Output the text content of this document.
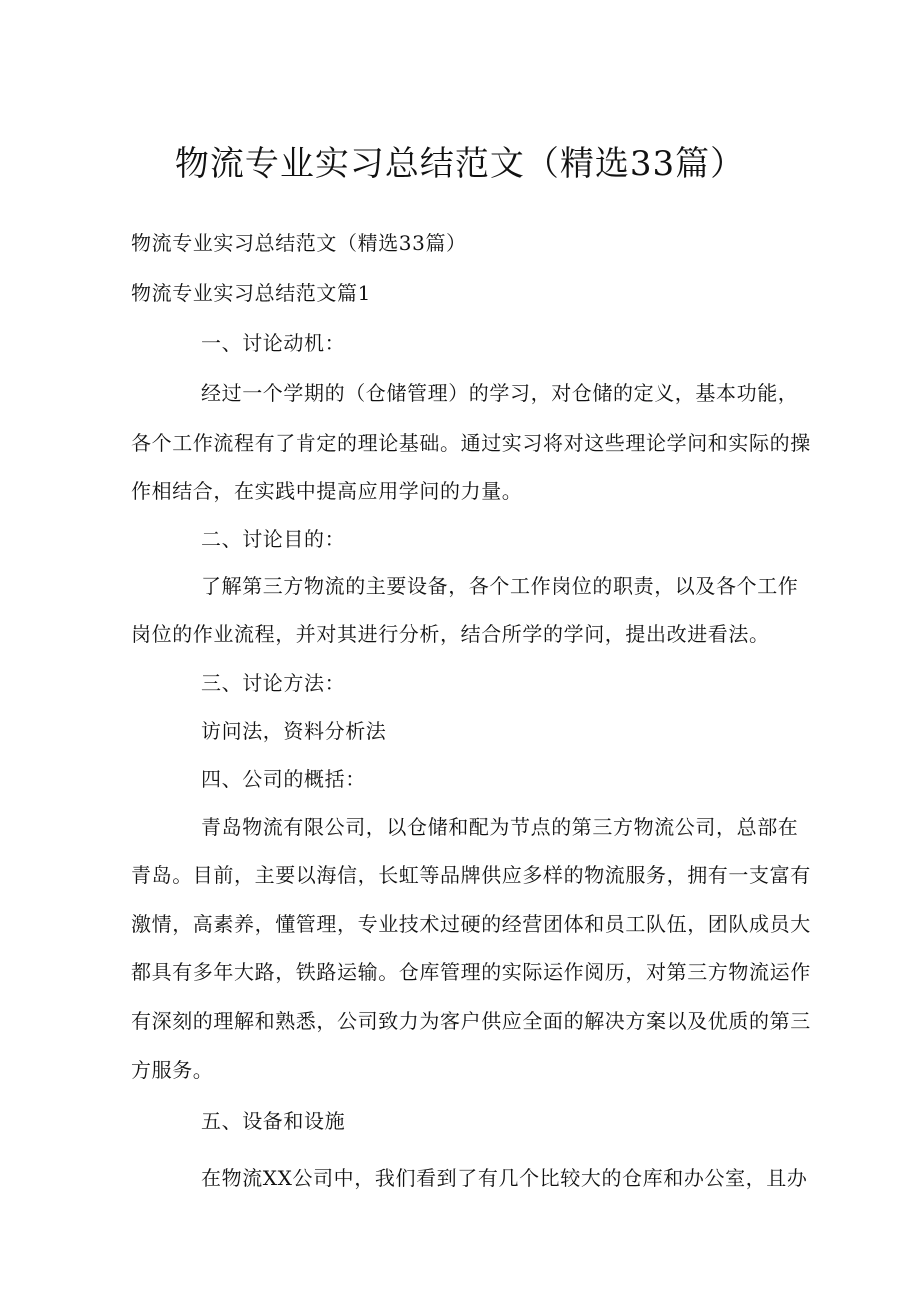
物流专业实习总结范文（精选33篇）
物流专业实习总结范文（精选33篇）
物流专业实习总结范文篇1
一、讨论动机：
经过一个学期的（仓储管理）的学习，对仓储的定义，基本功能，
各个工作流程有了肯定的理论基础。通过实习将对这些理论学问和实际的操
作相结合，在实践中提高应用学问的力量。
二、讨论目的：
了解第三方物流的主要设备，各个工作岗位的职责，以及各个工作
岗位的作业流程，并对其进行分析，结合所学的学问，提出改进看法。
三、讨论方法：
访问法，资料分析法
四、公司的概括：
青岛物流有限公司，以仓储和配为节点的第三方物流公司，总部在
青岛。目前，主要以海信，长虹等品牌供应多样的物流服务，拥有一支富有
激情，高素养，懂管理，专业技术过硬的经营团体和员工队伍，团队成员大
都具有多年大路，铁路运输。仓库管理的实际运作阅历，对第三方物流运作
有深刻的理解和熟悉，公司致力为客户供应全面的解决方案以及优质的第三
方服务。
五、设备和设施
在物流XX公司中，我们看到了有几个比较大的仓库和办公室，且办
